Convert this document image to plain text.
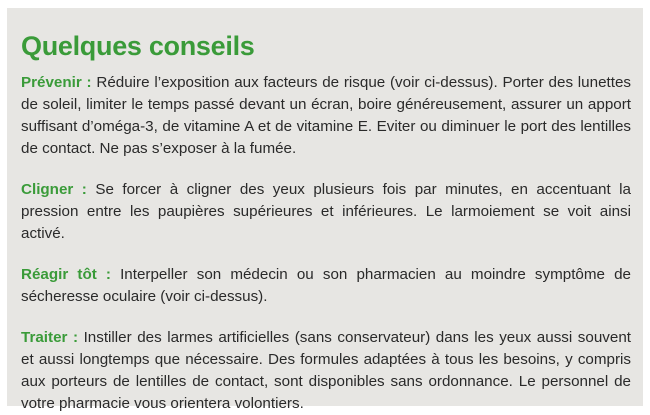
Quelques conseils

Prévenir : Réduire l’exposition aux facteurs de risque (voir ci-dessus). Porter des lunettes de soleil, limiter le temps passé devant un écran, boire généreusement, assurer un apport suffisant d’oméga-3, de vitamine A et de vitamine E. Eviter ou diminuer le port des lentilles de contact. Ne pas s’exposer à la fumée.

Cligner : Se forcer à cligner des yeux plusieurs fois par minutes, en accentuant la pression entre les paupières supérieures et inférieures. Le larmoiement se voit ainsi activé.

Réagir tôt : Interpeller son médecin ou son pharmacien au moindre symptôme de sécheresse oculaire (voir ci-dessus).

Traiter : Instiller des larmes artificielles (sans conservateur) dans les yeux aussi souvent et aussi longtemps que nécessaire. Des formules adaptées à tous les besoins, y compris aux porteurs de lentilles de contact, sont disponibles sans ordonnance. Le personnel de votre pharmacie vous orientera volontiers.
